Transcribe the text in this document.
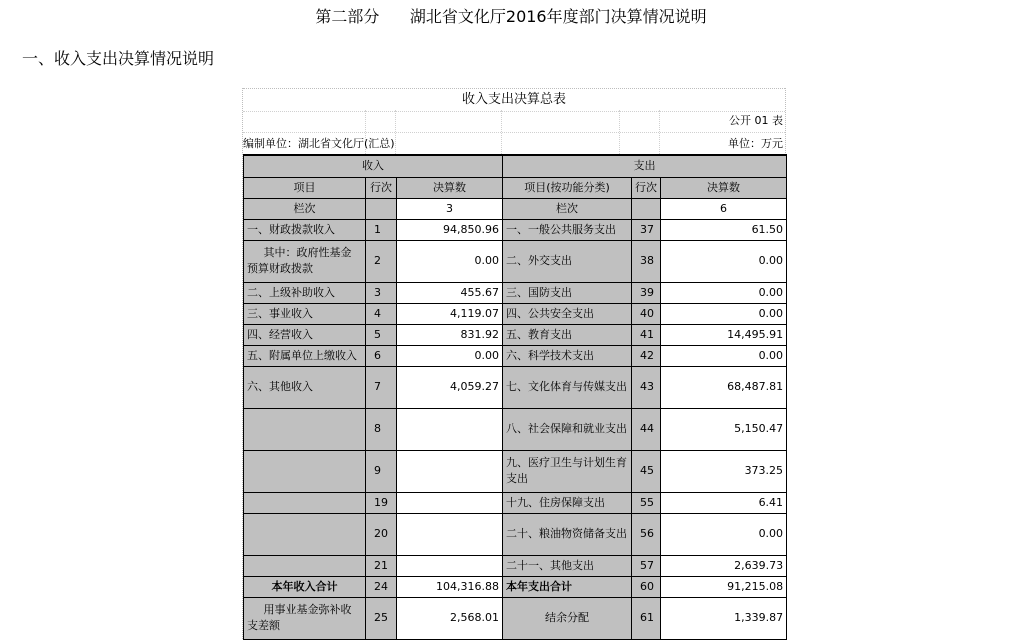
第二部分 湖北省文化厅2016年度部门决算情况说明
一、收入支出决算情况说明
收入支出决算总表
公开 01 表
编制单位：湖北省文化厅(汇总)	单位：万元
收入			支出		
项目	行次	决算数	项目(按功能分类)	行次	决算数
栏次		3	栏次		6
一、财政拨款收入	1	94,850.96	一、一般公共服务支出	37	61.50
其中：政府性基金预算财政拨款	2	0.00	二、外交支出	38	0.00
二、上级补助收入	3	455.67	三、国防支出	39	0.00
三、事业收入	4	4,119.07	四、公共安全支出	40	0.00
四、经营收入	5	831.92	五、教育支出	41	14,495.91
五、附属单位上缴收入	6	0.00	六、科学技术支出	42	0.00
六、其他收入	7	4,059.27	七、文化体育与传媒支出	43	68,487.81
	8		八、社会保障和就业支出	44	5,150.47
	9		九、医疗卫生与计划生育支出	45	373.25
	19		十九、住房保障支出	55	6.41
	20		二十、粮油物资储备支出	56	0.00
	21		二十一、其他支出	57	2,639.73
本年收入合计	24	104,316.88	本年支出合计	60	91,215.08
用事业基金弥补收支差额	25	2,568.01	结余分配	61	1,339.87
